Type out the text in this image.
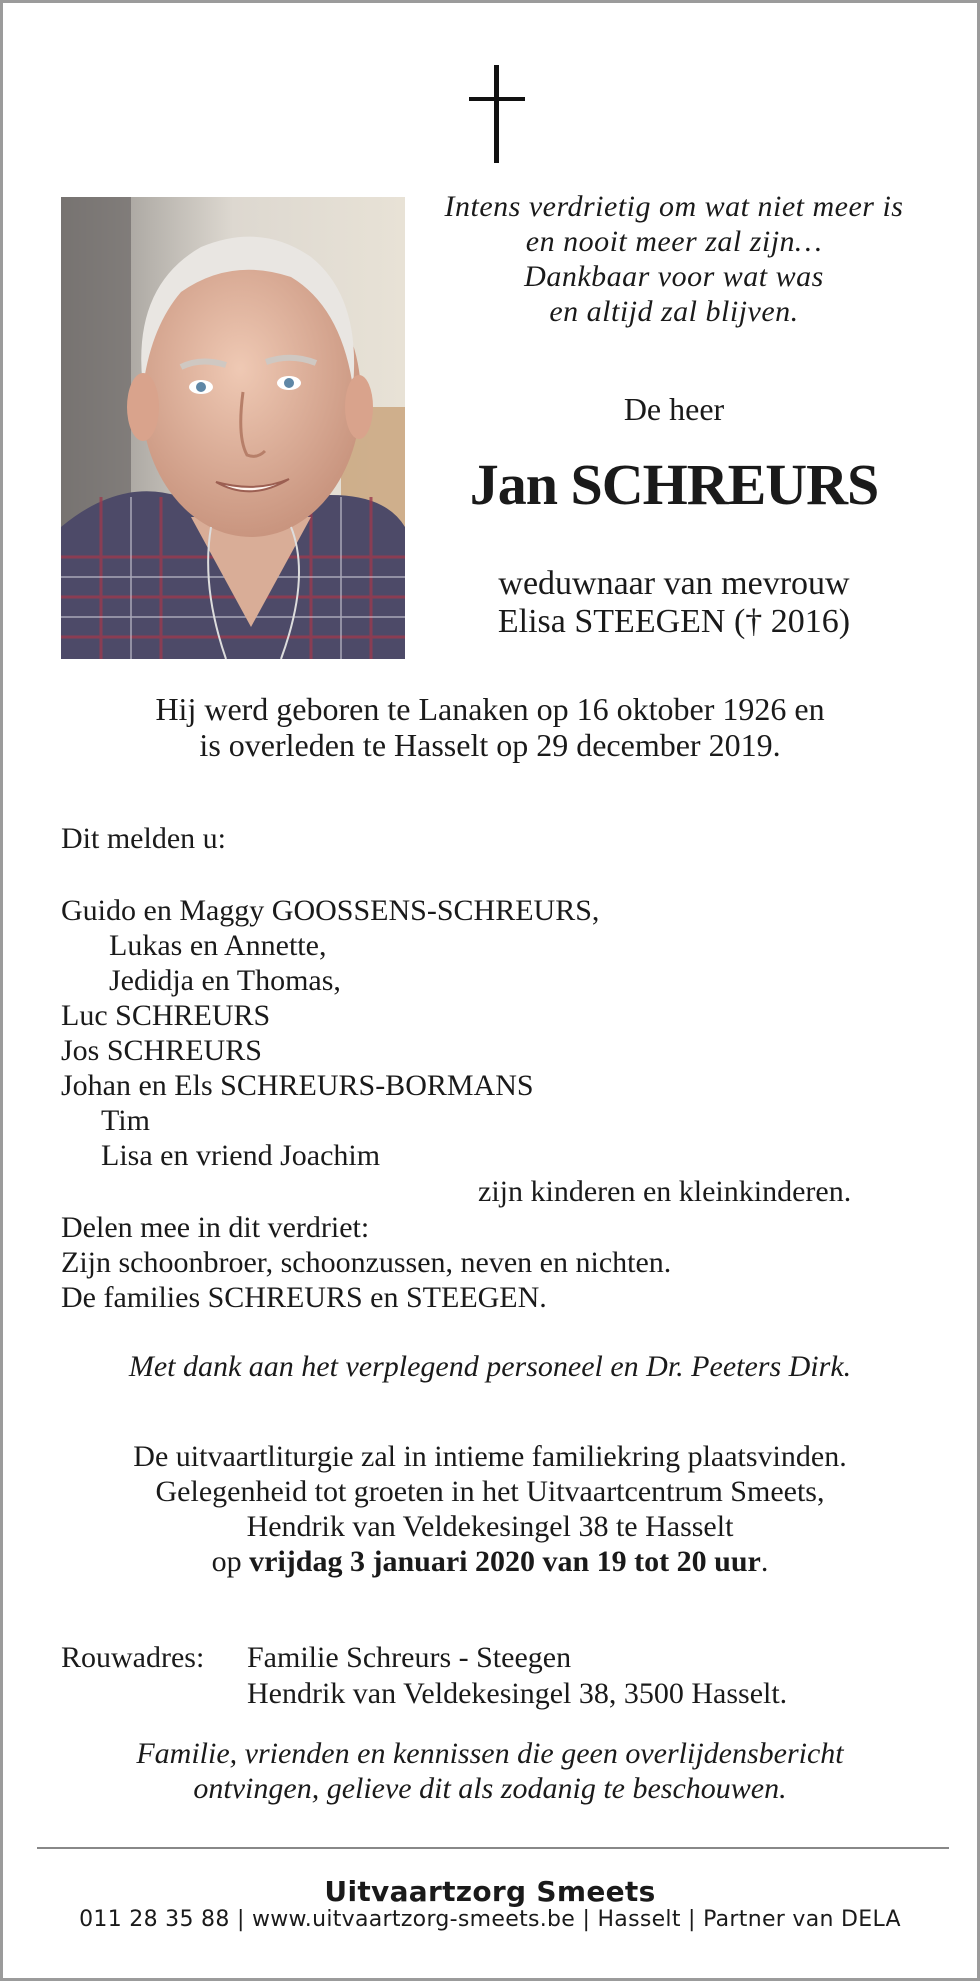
Intens verdrietig om wat niet meer is
en nooit meer zal zijn…
Dankbaar voor wat was
en altijd zal blijven.
De heer
Jan SCHREURS
weduwnaar van mevrouw
Elisa STEEGEN († 2016)
Hij werd geboren te Lanaken op 16 oktober 1926 en
is overleden te Hasselt op 29 december 2019.
Dit melden u:
Guido en Maggy GOOSSENS-SCHREURS,
Lukas en Annette,
Jedidja en Thomas,
Luc SCHREURS
Jos SCHREURS
Johan en Els SCHREURS-BORMANS
Tim
Lisa en vriend Joachim
zijn kinderen en kleinkinderen.
Delen mee in dit verdriet:
Zijn schoonbroer, schoonzussen, neven en nichten.
De families SCHREURS en STEEGEN.
Met dank aan het verplegend personeel en Dr. Peeters Dirk.
De uitvaartliturgie zal in intieme familiekring plaatsvinden.
Gelegenheid tot groeten in het Uitvaartcentrum Smeets,
Hendrik van Veldekesingel 38 te Hasselt
op vrijdag 3 januari 2020 van 19 tot 20 uur.
Rouwadres: Familie Schreurs - Steegen
Hendrik van Veldekesingel 38, 3500 Hasselt.
Familie, vrienden en kennissen die geen overlijdensbericht
ontvingen, gelieve dit als zodanig te beschouwen.
Uitvaartzorg Smeets
011 28 35 88 | www.uitvaartzorg-smeets.be | Hasselt | Partner van DELA
